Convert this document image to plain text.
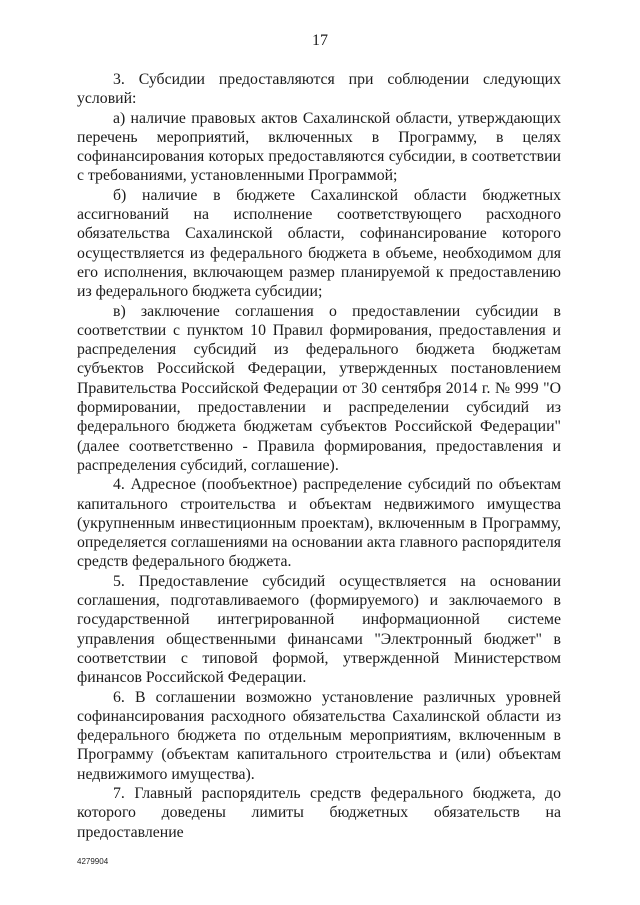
17

3. Субсидии предоставляются при соблюдении следующих условий:

а) наличие правовых актов Сахалинской области, утверждающих перечень мероприятий, включенных в Программу, в целях софинансирования которых предоставляются субсидии, в соответствии с требованиями, установленными Программой;

б) наличие в бюджете Сахалинской области бюджетных ассигнований на исполнение соответствующего расходного обязательства Сахалинской области, софинансирование которого осуществляется из федерального бюджета в объеме, необходимом для его исполнения, включающем размер планируемой к предоставлению из федерального бюджета субсидии;

в) заключение соглашения о предоставлении субсидии в соответствии с пунктом 10 Правил формирования, предоставления и распределения субсидий из федерального бюджета бюджетам субъектов Российской Федерации, утвержденных постановлением Правительства Российской Федерации от 30 сентября 2014 г. № 999 "О формировании, предоставлении и распределении субсидий из федерального бюджета бюджетам субъектов Российской Федерации" (далее соответственно - Правила формирования, предоставления и распределения субсидий, соглашение).

4. Адресное (пообъектное) распределение субсидий по объектам капитального строительства и объектам недвижимого имущества (укрупненным инвестиционным проектам), включенным в Программу, определяется соглашениями на основании акта главного распорядителя средств федерального бюджета.

5. Предоставление субсидий осуществляется на основании соглашения, подготавливаемого (формируемого) и заключаемого в государственной интегрированной информационной системе управления общественными финансами "Электронный бюджет" в соответствии с типовой формой, утвержденной Министерством финансов Российской Федерации.

6. В соглашении возможно установление различных уровней софинансирования расходного обязательства Сахалинской области из федерального бюджета по отдельным мероприятиям, включенным в Программу (объектам капитального строительства и (или) объектам недвижимого имущества).

7. Главный распорядитель средств федерального бюджета, до которого доведены лимиты бюджетных обязательств на предоставление

4279904
